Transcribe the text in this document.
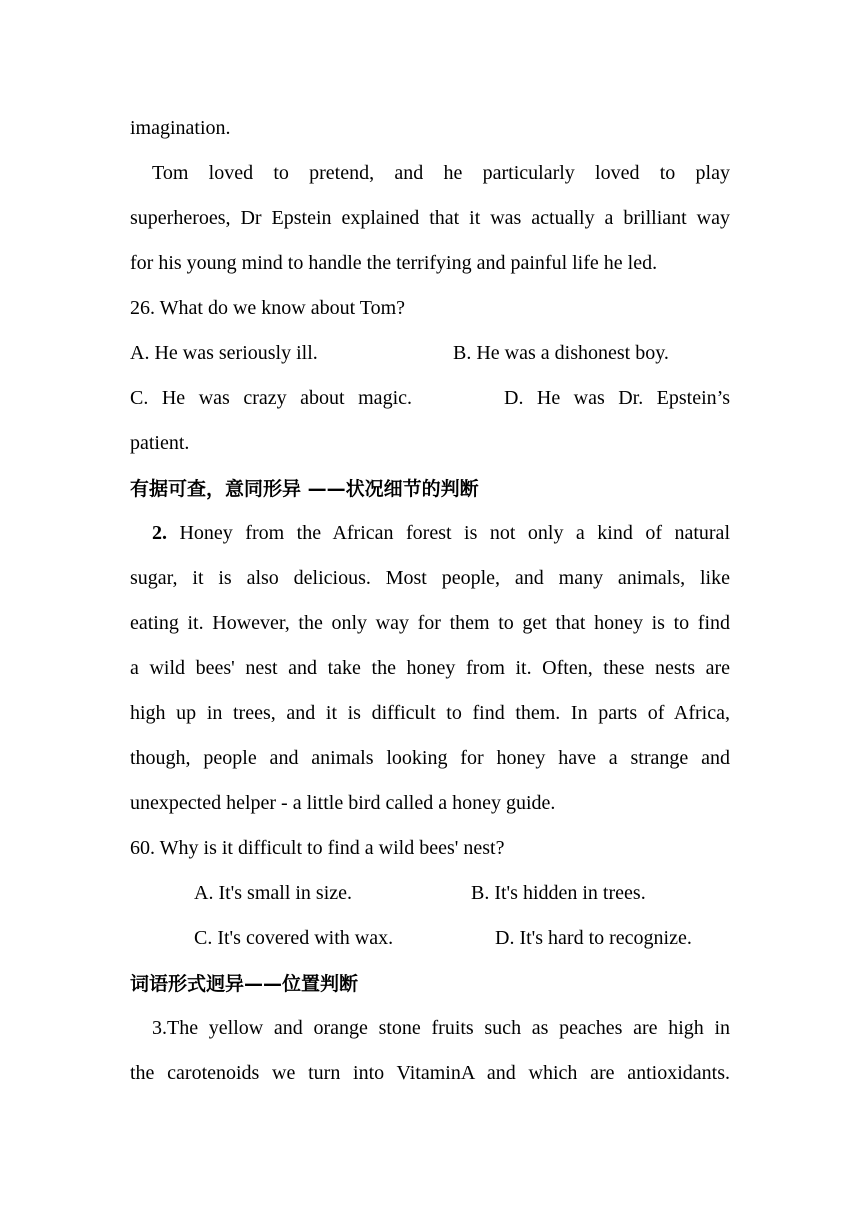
imagination.
Tom loved to pretend, and he particularly loved to play
superheroes, Dr Epstein explained that it was actually a brilliant way
for his young mind to handle the terrifying and painful life he led.
26. What do we know about Tom?
A. He was seriously ill.	B. He was a dishonest boy.
C. He was crazy about magic.	D. He was Dr. Epstein’s
patient.
有据可查，意同形异 ——状况细节的判断
2. Honey from the African forest is not only a kind of natural
sugar, it is also delicious. Most people, and many animals, like
eating it. However, the only way for them to get that honey is to find
a wild bees' nest and take the honey from it. Often, these nests are
high up in trees, and it is difficult to find them. In parts of Africa,
though, people and animals looking for honey have a strange and
unexpected helper - a little bird called a honey guide.
60. Why is it difficult to find a wild bees' nest?
A. It's small in size.	B. It's hidden in trees.
C. It's covered with wax.	D. It's hard to recognize.
词语形式迥异——位置判断
3.The yellow and orange stone fruits such as peaches are high in
the carotenoids we turn into VitaminA and which are antioxidants.
